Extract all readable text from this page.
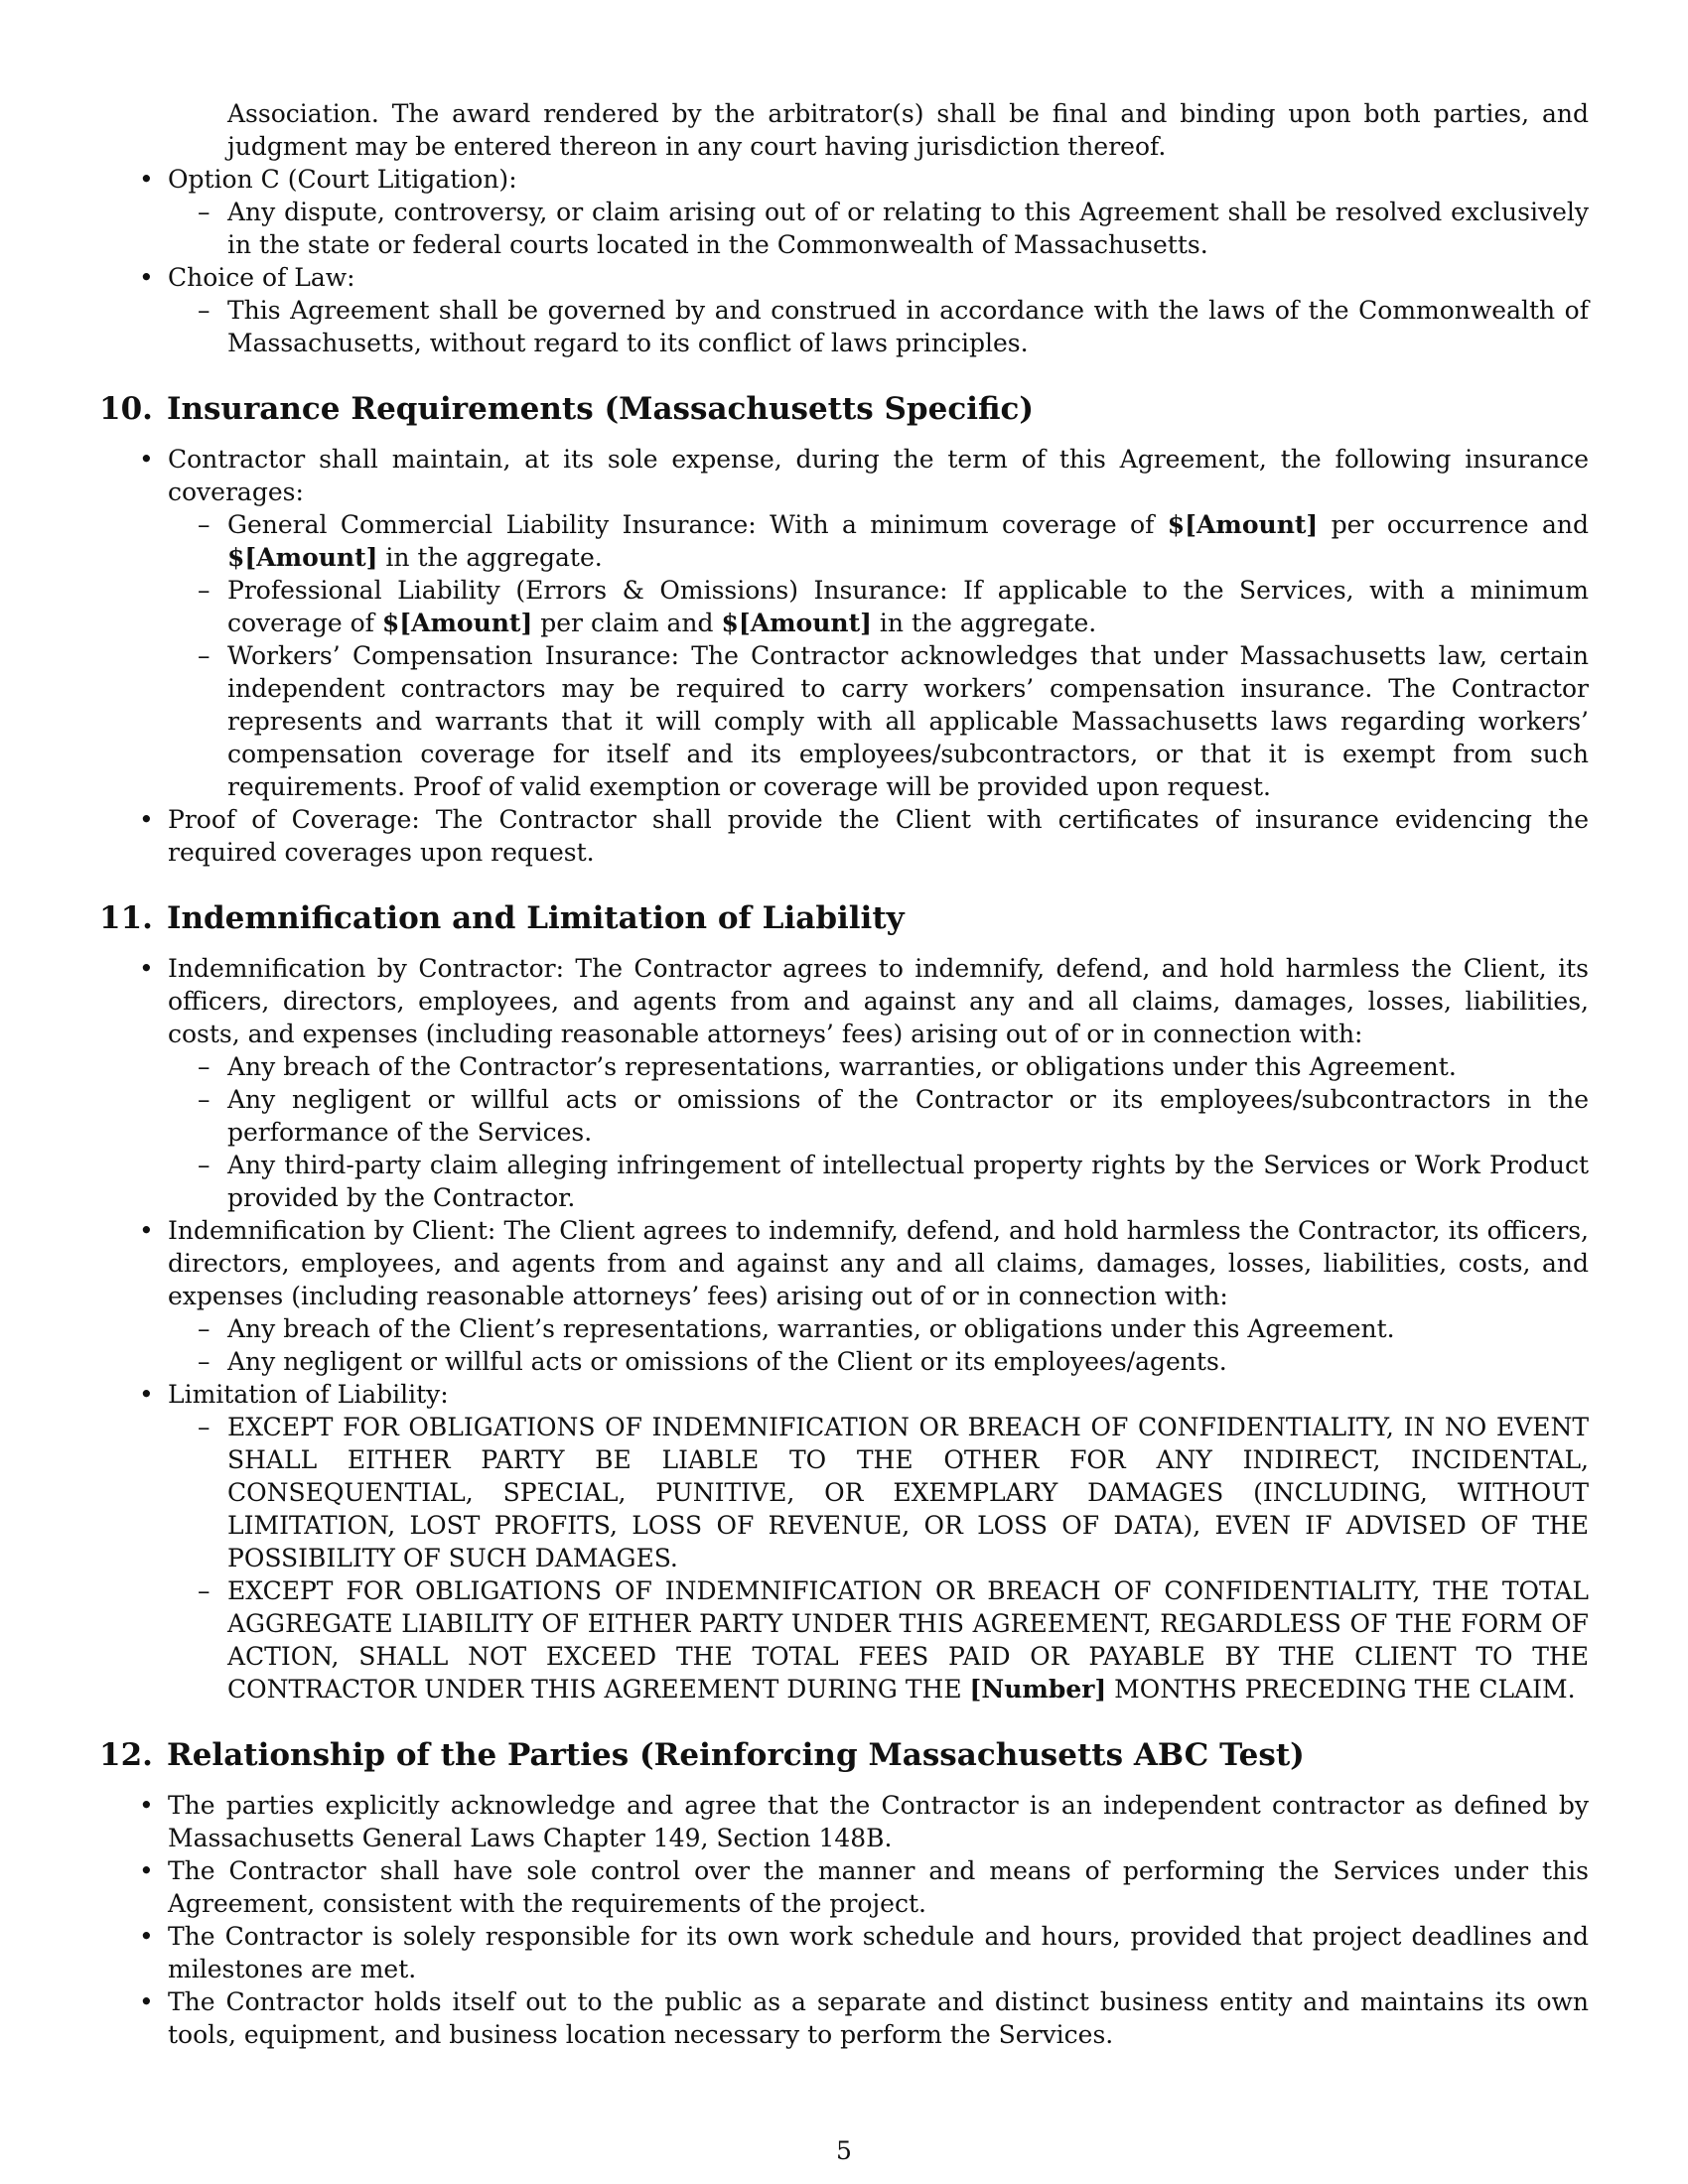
Association. The award rendered by the arbitrator(s) shall be final and binding upon both parties, and judgment may be entered thereon in any court having jurisdiction thereof.

• Option C (Court Litigation):
– Any dispute, controversy, or claim arising out of or relating to this Agreement shall be resolved exclusively in the state or federal courts located in the Commonwealth of Massachusetts.
• Choice of Law:
– This Agreement shall be governed by and construed in accordance with the laws of the Commonwealth of Massachusetts, without regard to its conflict of laws principles.
10. Insurance Requirements (Massachusetts Specific)
• Contractor shall maintain, at its sole expense, during the term of this Agreement, the following insurance coverages:
– General Commercial Liability Insurance: With a minimum coverage of $[Amount] per occurrence and $[Amount] in the aggregate.
– Professional Liability (Errors & Omissions) Insurance: If applicable to the Services, with a minimum coverage of $[Amount] per claim and $[Amount] in the aggregate.
– Workers’ Compensation Insurance: The Contractor acknowledges that under Massachusetts law, certain independent contractors may be required to carry workers’ compensation insurance. The Contractor represents and warrants that it will comply with all applicable Massachusetts laws regarding workers’ compensation coverage for itself and its employees/subcontractors, or that it is exempt from such requirements. Proof of valid exemption or coverage will be provided upon request.
• Proof of Coverage: The Contractor shall provide the Client with certificates of insurance evidencing the required coverages upon request.
11. Indemnification and Limitation of Liability
• Indemnification by Contractor: The Contractor agrees to indemnify, defend, and hold harmless the Client, its officers, directors, employees, and agents from and against any and all claims, damages, losses, liabilities, costs, and expenses (including reasonable attorneys’ fees) arising out of or in connection with:
– Any breach of the Contractor’s representations, warranties, or obligations under this Agreement.
– Any negligent or willful acts or omissions of the Contractor or its employees/subcontractors in the performance of the Services.
– Any third-party claim alleging infringement of intellectual property rights by the Services or Work Product provided by the Contractor.
• Indemnification by Client: The Client agrees to indemnify, defend, and hold harmless the Contractor, its officers, directors, employees, and agents from and against any and all claims, damages, losses, liabilities, costs, and expenses (including reasonable attorneys’ fees) arising out of or in connection with:
– Any breach of the Client’s representations, warranties, or obligations under this Agreement.
– Any negligent or willful acts or omissions of the Client or its employees/agents.
• Limitation of Liability:
– EXCEPT FOR OBLIGATIONS OF INDEMNIFICATION OR BREACH OF CONFIDENTIALITY, IN NO EVENT SHALL EITHER PARTY BE LIABLE TO THE OTHER FOR ANY INDIRECT, INCIDENTAL, CONSEQUENTIAL, SPECIAL, PUNITIVE, OR EXEMPLARY DAMAGES (INCLUDING, WITHOUT LIMITATION, LOST PROFITS, LOSS OF REVENUE, OR LOSS OF DATA), EVEN IF ADVISED OF THE POSSIBILITY OF SUCH DAMAGES.
– EXCEPT FOR OBLIGATIONS OF INDEMNIFICATION OR BREACH OF CONFIDENTIALITY, THE TOTAL AGGREGATE LIABILITY OF EITHER PARTY UNDER THIS AGREEMENT, REGARDLESS OF THE FORM OF ACTION, SHALL NOT EXCEED THE TOTAL FEES PAID OR PAYABLE BY THE CLIENT TO THE CONTRACTOR UNDER THIS AGREEMENT DURING THE [Number] MONTHS PRECEDING THE CLAIM.
12. Relationship of the Parties (Reinforcing Massachusetts ABC Test)
• The parties explicitly acknowledge and agree that the Contractor is an independent contractor as defined by Massachusetts General Laws Chapter 149, Section 148B.
• The Contractor shall have sole control over the manner and means of performing the Services under this Agreement, consistent with the requirements of the project.
• The Contractor is solely responsible for its own work schedule and hours, provided that project deadlines and milestones are met.
• The Contractor holds itself out to the public as a separate and distinct business entity and maintains its own tools, equipment, and business location necessary to perform the Services.
5
